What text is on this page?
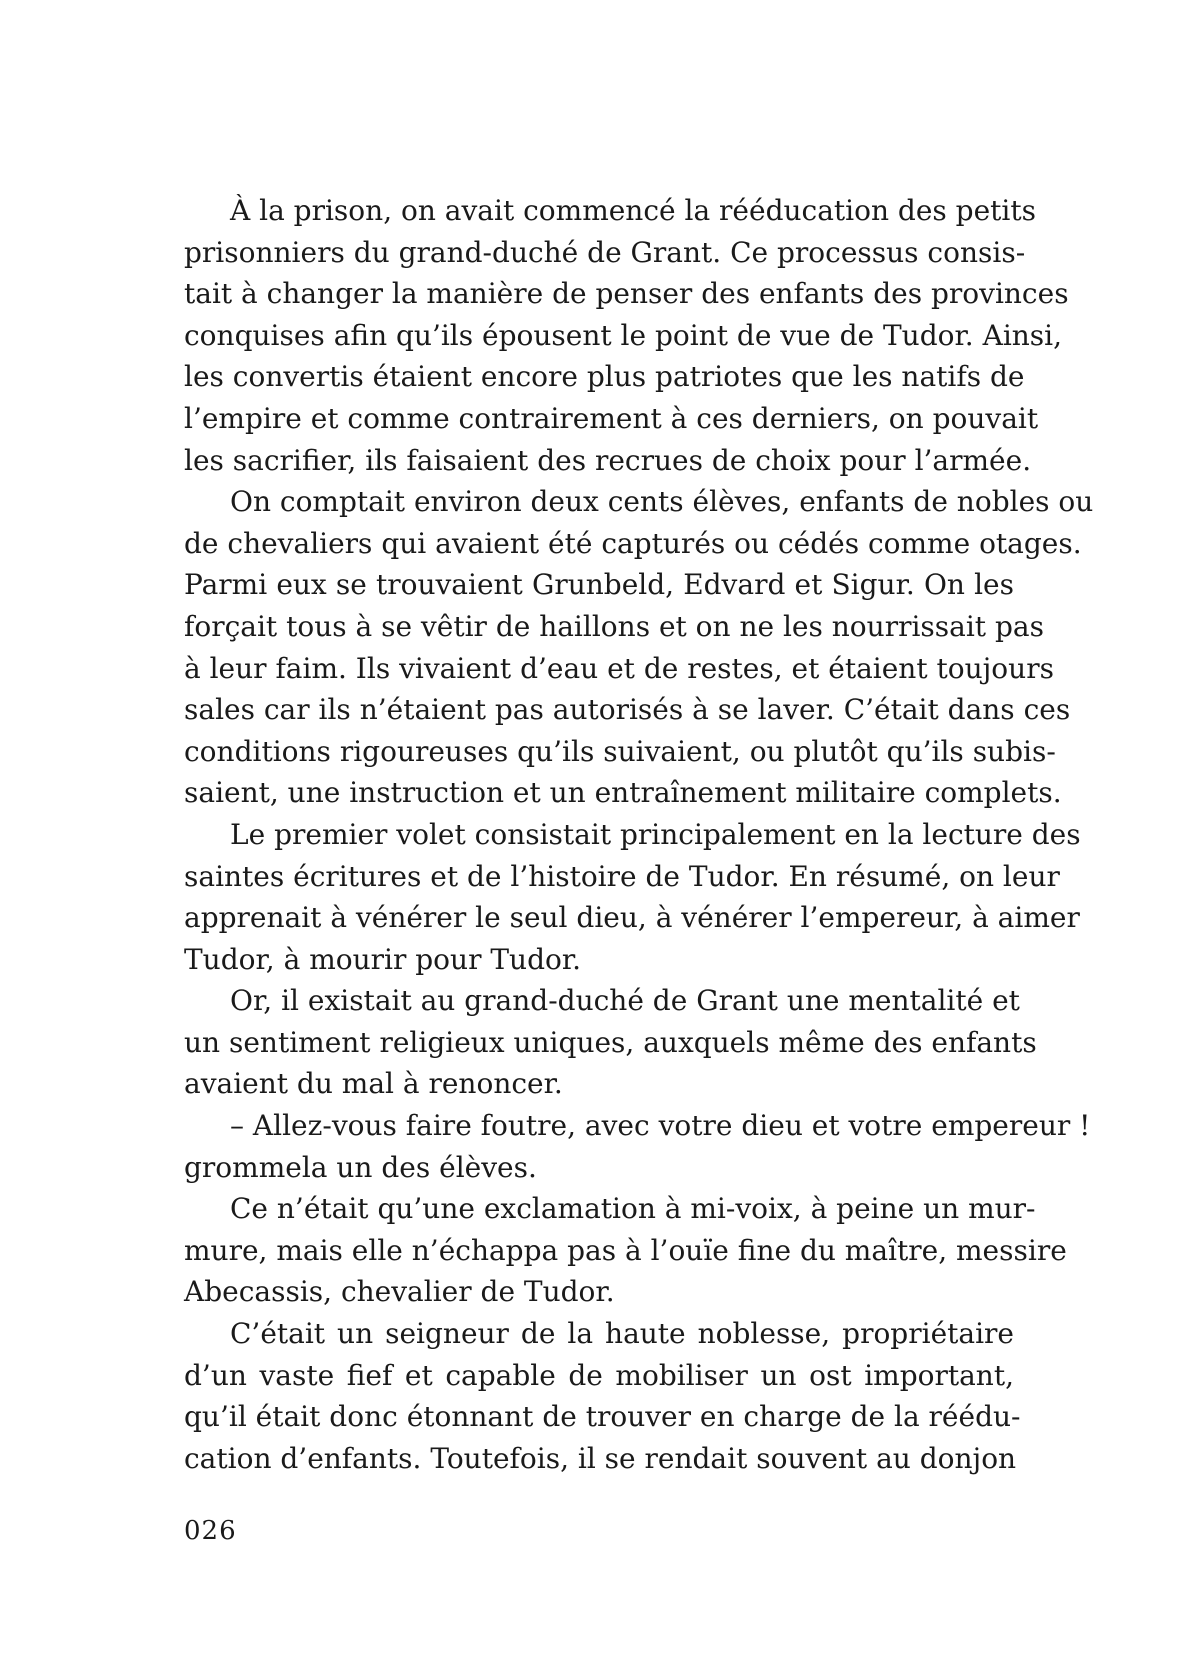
À la prison, on avait commencé la rééducation des petits
prisonniers du grand-duché de Grant. Ce processus consis-
tait à changer la manière de penser des enfants des provinces
conquises afin qu’ils épousent le point de vue de Tudor. Ainsi,
les convertis étaient encore plus patriotes que les natifs de
l’empire et comme contrairement à ces derniers, on pouvait
les sacrifier, ils faisaient des recrues de choix pour l’armée.
On comptait environ deux cents élèves, enfants de nobles ou
de chevaliers qui avaient été capturés ou cédés comme otages.
Parmi eux se trouvaient Grunbeld, Edvard et Sigur. On les
forçait tous à se vêtir de haillons et on ne les nourrissait pas
à leur faim. Ils vivaient d’eau et de restes, et étaient toujours
sales car ils n’étaient pas autorisés à se laver. C’était dans ces
conditions rigoureuses qu’ils suivaient, ou plutôt qu’ils subis-
saient, une instruction et un entraînement militaire complets.
Le premier volet consistait principalement en la lecture des
saintes écritures et de l’histoire de Tudor. En résumé, on leur
apprenait à vénérer le seul dieu, à vénérer l’empereur, à aimer
Tudor, à mourir pour Tudor.
Or, il existait au grand-duché de Grant une mentalité et
un sentiment religieux uniques, auxquels même des enfants
avaient du mal à renoncer.
– Allez-vous faire foutre, avec votre dieu et votre empereur !
grommela un des élèves.
Ce n’était qu’une exclamation à mi-voix, à peine un mur-
mure, mais elle n’échappa pas à l’ouïe fine du maître, messire
Abecassis, chevalier de Tudor.
C’était un seigneur de la haute noblesse, propriétaire
d’un vaste fief et capable de mobiliser un ost important,
qu’il était donc étonnant de trouver en charge de la réédu-
cation d’enfants. Toutefois, il se rendait souvent au donjon
026
